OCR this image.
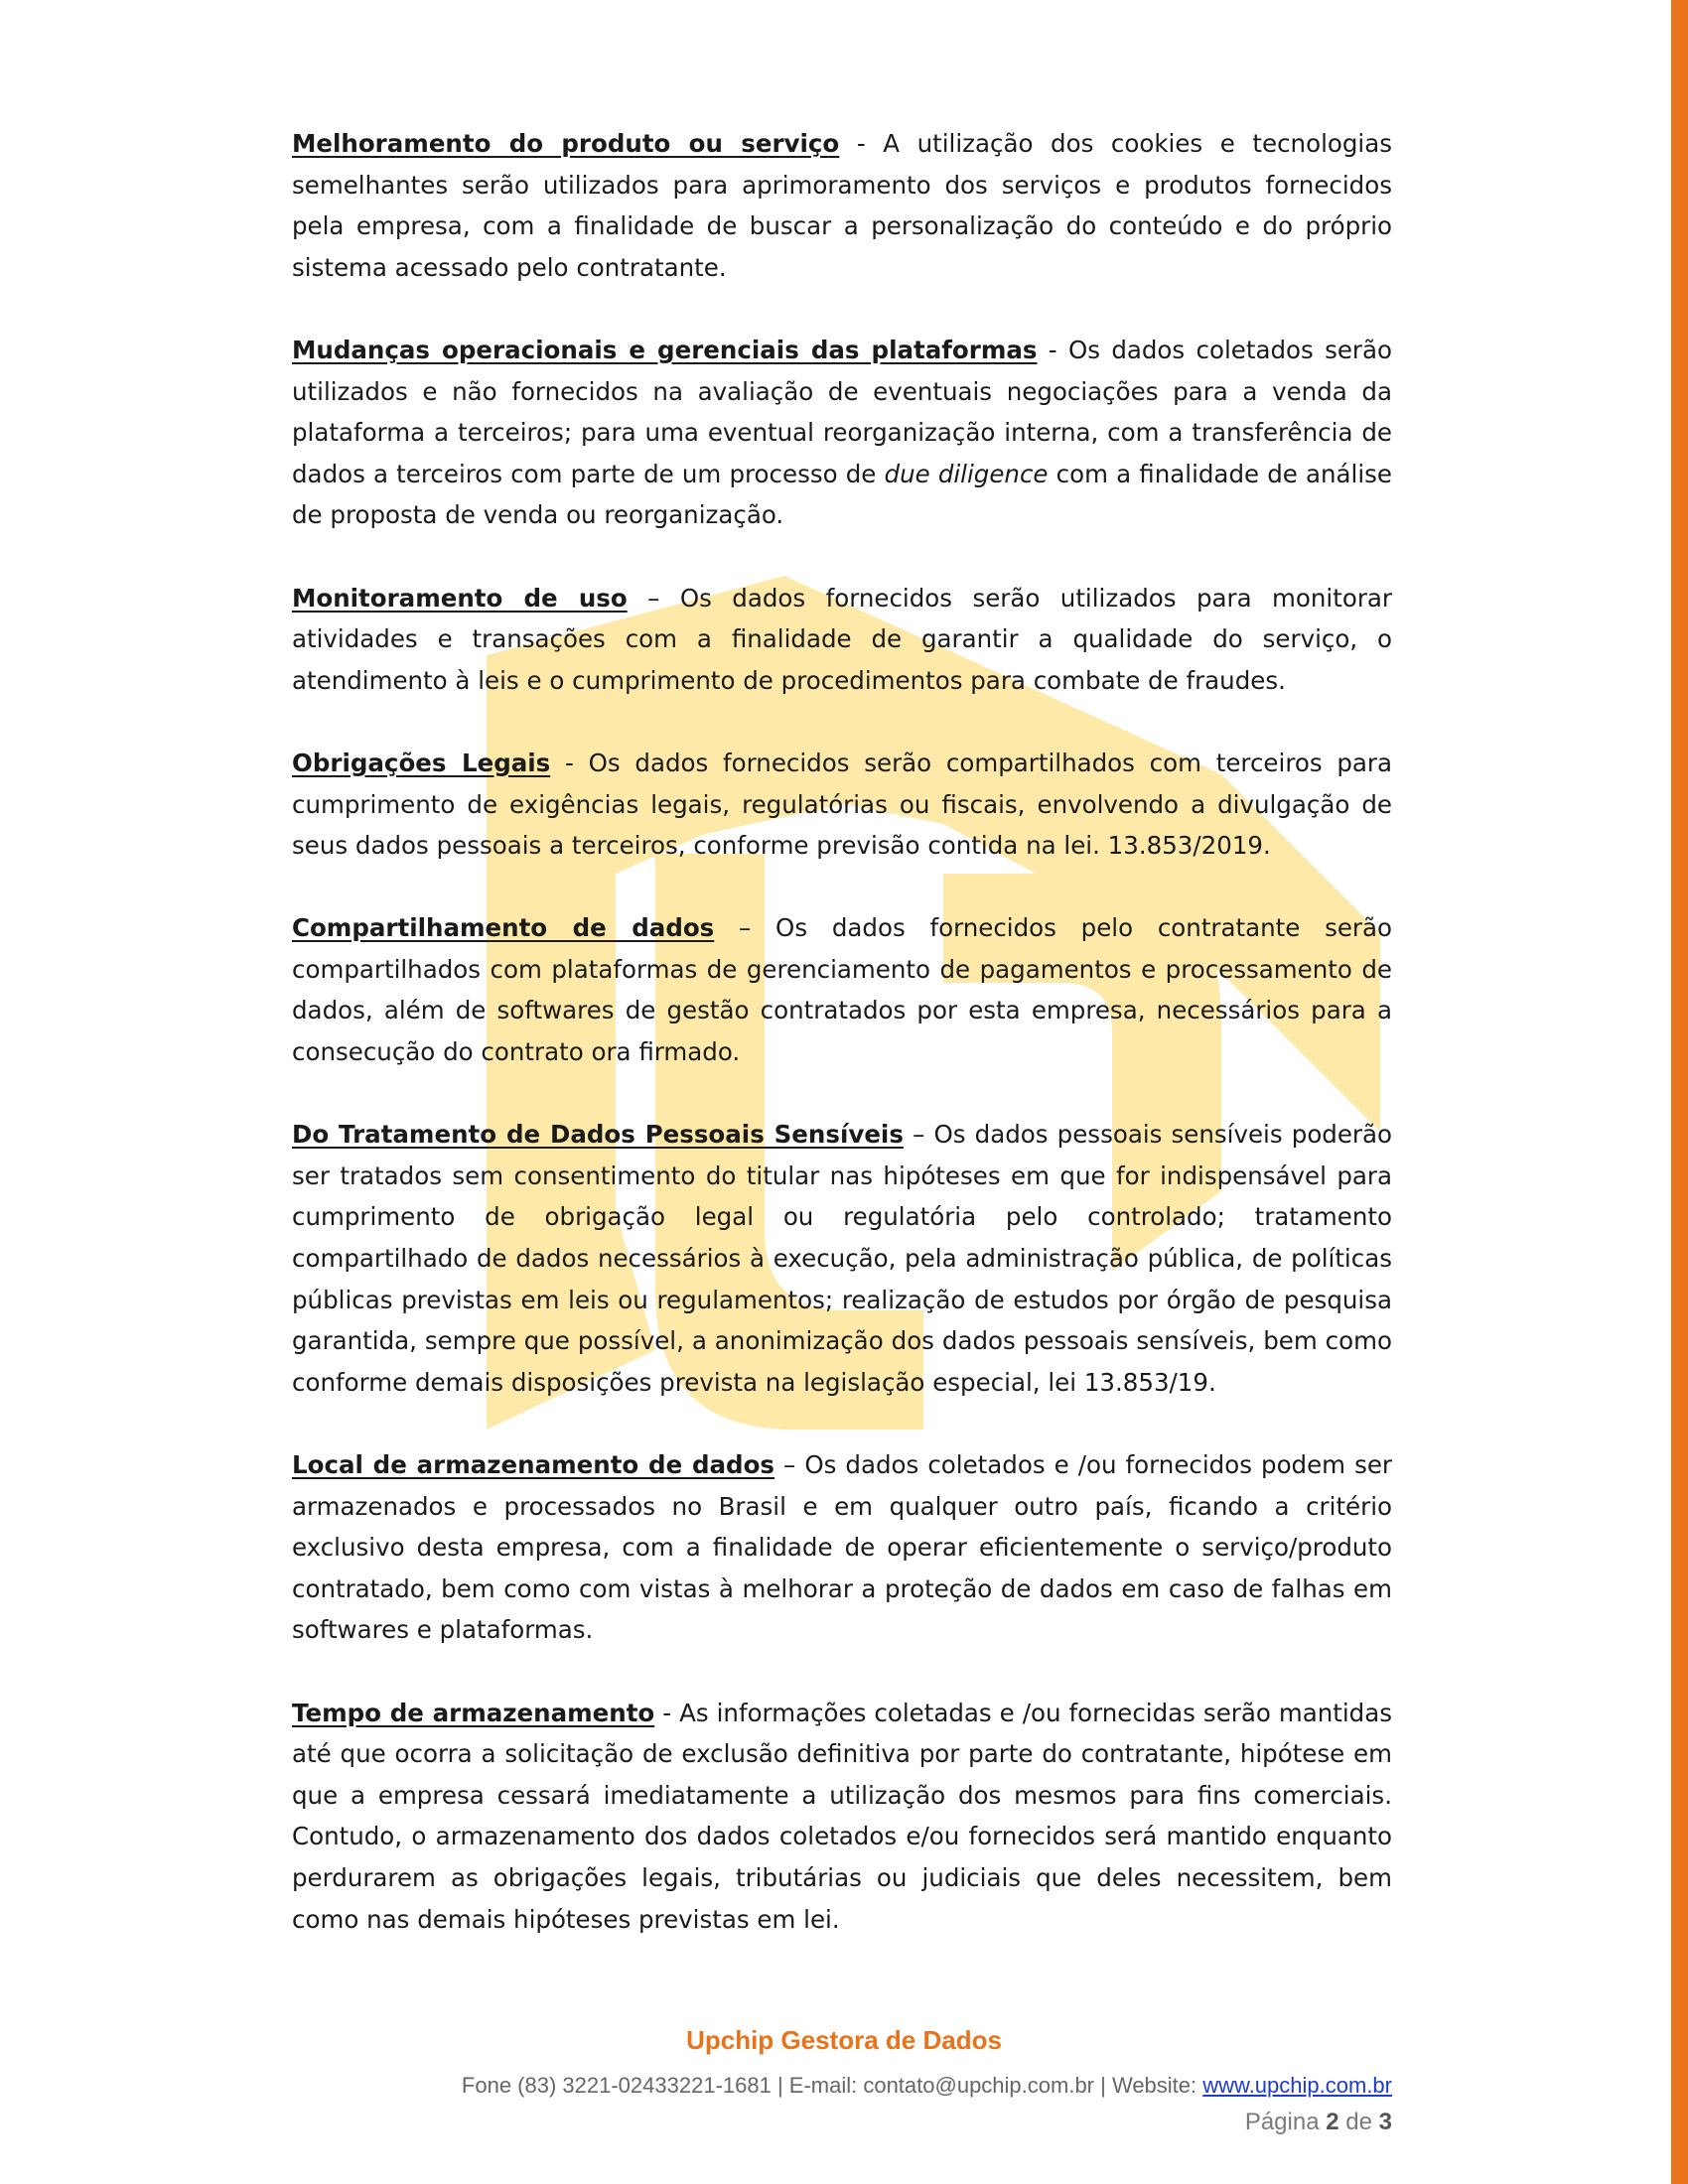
Melhoramento do produto ou serviço - A utilização dos cookies e tecnologias semelhantes serão utilizados para aprimoramento dos serviços e produtos fornecidos pela empresa, com a finalidade de buscar a personalização do conteúdo e do próprio sistema acessado pelo contratante.

Mudanças operacionais e gerenciais das plataformas - Os dados coletados serão utilizados e não fornecidos na avaliação de eventuais negociações para a venda da plataforma a terceiros; para uma eventual reorganização interna, com a transferência de dados a terceiros com parte de um processo de due diligence com a finalidade de análise de proposta de venda ou reorganização.

Monitoramento de uso – Os dados fornecidos serão utilizados para monitorar atividades e transações com a finalidade de garantir a qualidade do serviço, o atendimento à leis e o cumprimento de procedimentos para combate de fraudes.

Obrigações Legais - Os dados fornecidos serão compartilhados com terceiros para cumprimento de exigências legais, regulatórias ou fiscais, envolvendo a divulgação de seus dados pessoais a terceiros, conforme previsão contida na lei. 13.853/2019.

Compartilhamento de dados – Os dados fornecidos pelo contratante serão compartilhados com plataformas de gerenciamento de pagamentos e processamento de dados, além de softwares de gestão contratados por esta empresa, necessários para a consecução do contrato ora firmado.

Do Tratamento de Dados Pessoais Sensíveis – Os dados pessoais sensíveis poderão ser tratados sem consentimento do titular nas hipóteses em que for indispensável para cumprimento de obrigação legal ou regulatória pelo controlado; tratamento compartilhado de dados necessários à execução, pela administração pública, de políticas públicas previstas em leis ou regulamentos; realização de estudos por órgão de pesquisa garantida, sempre que possível, a anonimização dos dados pessoais sensíveis, bem como conforme demais disposições prevista na legislação especial, lei 13.853/19.

Local de armazenamento de dados – Os dados coletados e /ou fornecidos podem ser armazenados e processados no Brasil e em qualquer outro país, ficando a critério exclusivo desta empresa, com a finalidade de operar eficientemente o serviço/produto contratado, bem como com vistas à melhorar a proteção de dados em caso de falhas em softwares e plataformas.

Tempo de armazenamento - As informações coletadas e /ou fornecidas serão mantidas até que ocorra a solicitação de exclusão definitiva por parte do contratante, hipótese em que a empresa cessará imediatamente a utilização dos mesmos para fins comerciais. Contudo, o armazenamento dos dados coletados e/ou fornecidos será mantido enquanto perdurarem as obrigações legais, tributárias ou judiciais que deles necessitem, bem como nas demais hipóteses previstas em lei.

Upchip Gestora de Dados
Fone (83) 3221-02433221-1681 | E-mail: contato@upchip.com.br | Website: www.upchip.com.br
Página 2 de 3
